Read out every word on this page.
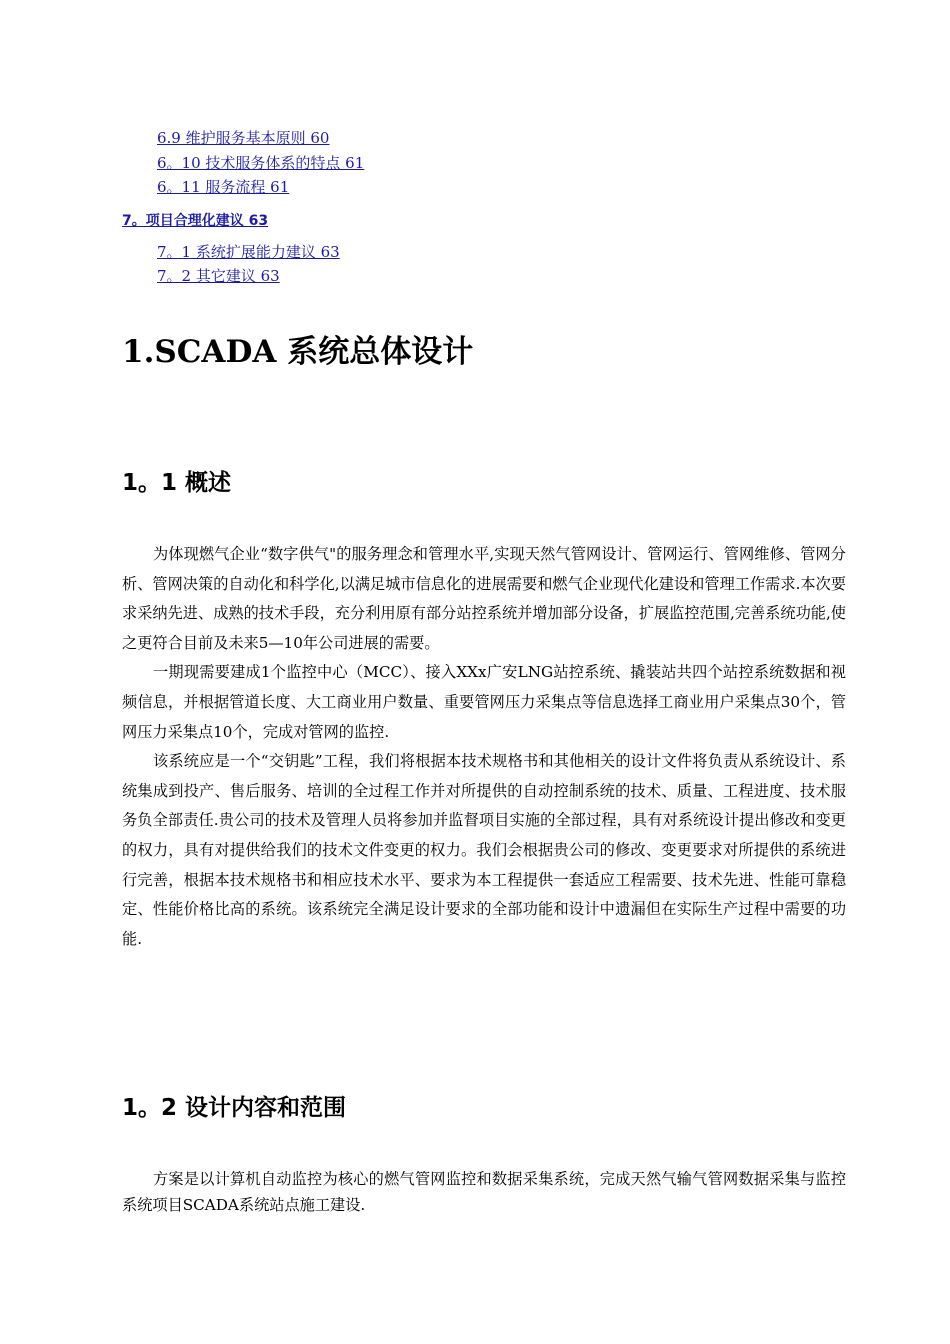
6.9 维护服务基本原则 60
6。10 技术服务体系的特点 61
6。11 服务流程 61
7。项目合理化建议 63
7。1 系统扩展能力建议 63
7。2 其它建议 63
1.SCADA 系统总体设计
1。1 概述

为体现燃气企业“数字供气"的服务理念和管理水平,实现天然气管网设计、管网运行、管网维修、管网分析、管网决策的自动化和科学化,以满足城市信息化的进展需要和燃气企业现代化建设和管理工作需求.本次要求采纳先进、成熟的技术手段，充分利用原有部分站控系统并增加部分设备，扩展监控范围,完善系统功能,使之更符合目前及未来5—10年公司进展的需要。

一期现需要建成1个监控中心（MCC）、接入XXx广安LNG站控系统、撬装站共四个站控系统数据和视频信息，并根据管道长度、大工商业用户数量、重要管网压力采集点等信息选择工商业用户采集点30个，管网压力采集点10个，完成对管网的监控.

该系统应是一个“交钥匙”工程，我们将根据本技术规格书和其他相关的设计文件将负责从系统设计、系统集成到投产、售后服务、培训的全过程工作并对所提供的自动控制系统的技术、质量、工程进度、技术服务负全部责任.贵公司的技术及管理人员将参加并监督项目实施的全部过程，具有对系统设计提出修改和变更的权力，具有对提供给我们的技术文件变更的权力。我们会根据贵公司的修改、变更要求对所提供的系统进行完善，根据本技术规格书和相应技术水平、要求为本工程提供一套适应工程需要、技术先进、性能可靠稳定、性能价格比高的系统。该系统完全满足设计要求的全部功能和设计中遗漏但在实际生产过程中需要的功能.

1。2 设计内容和范围

方案是以计算机自动监控为核心的燃气管网监控和数据采集系统，完成天然气输气管网数据采集与监控系统项目SCADA系统站点施工建设.
